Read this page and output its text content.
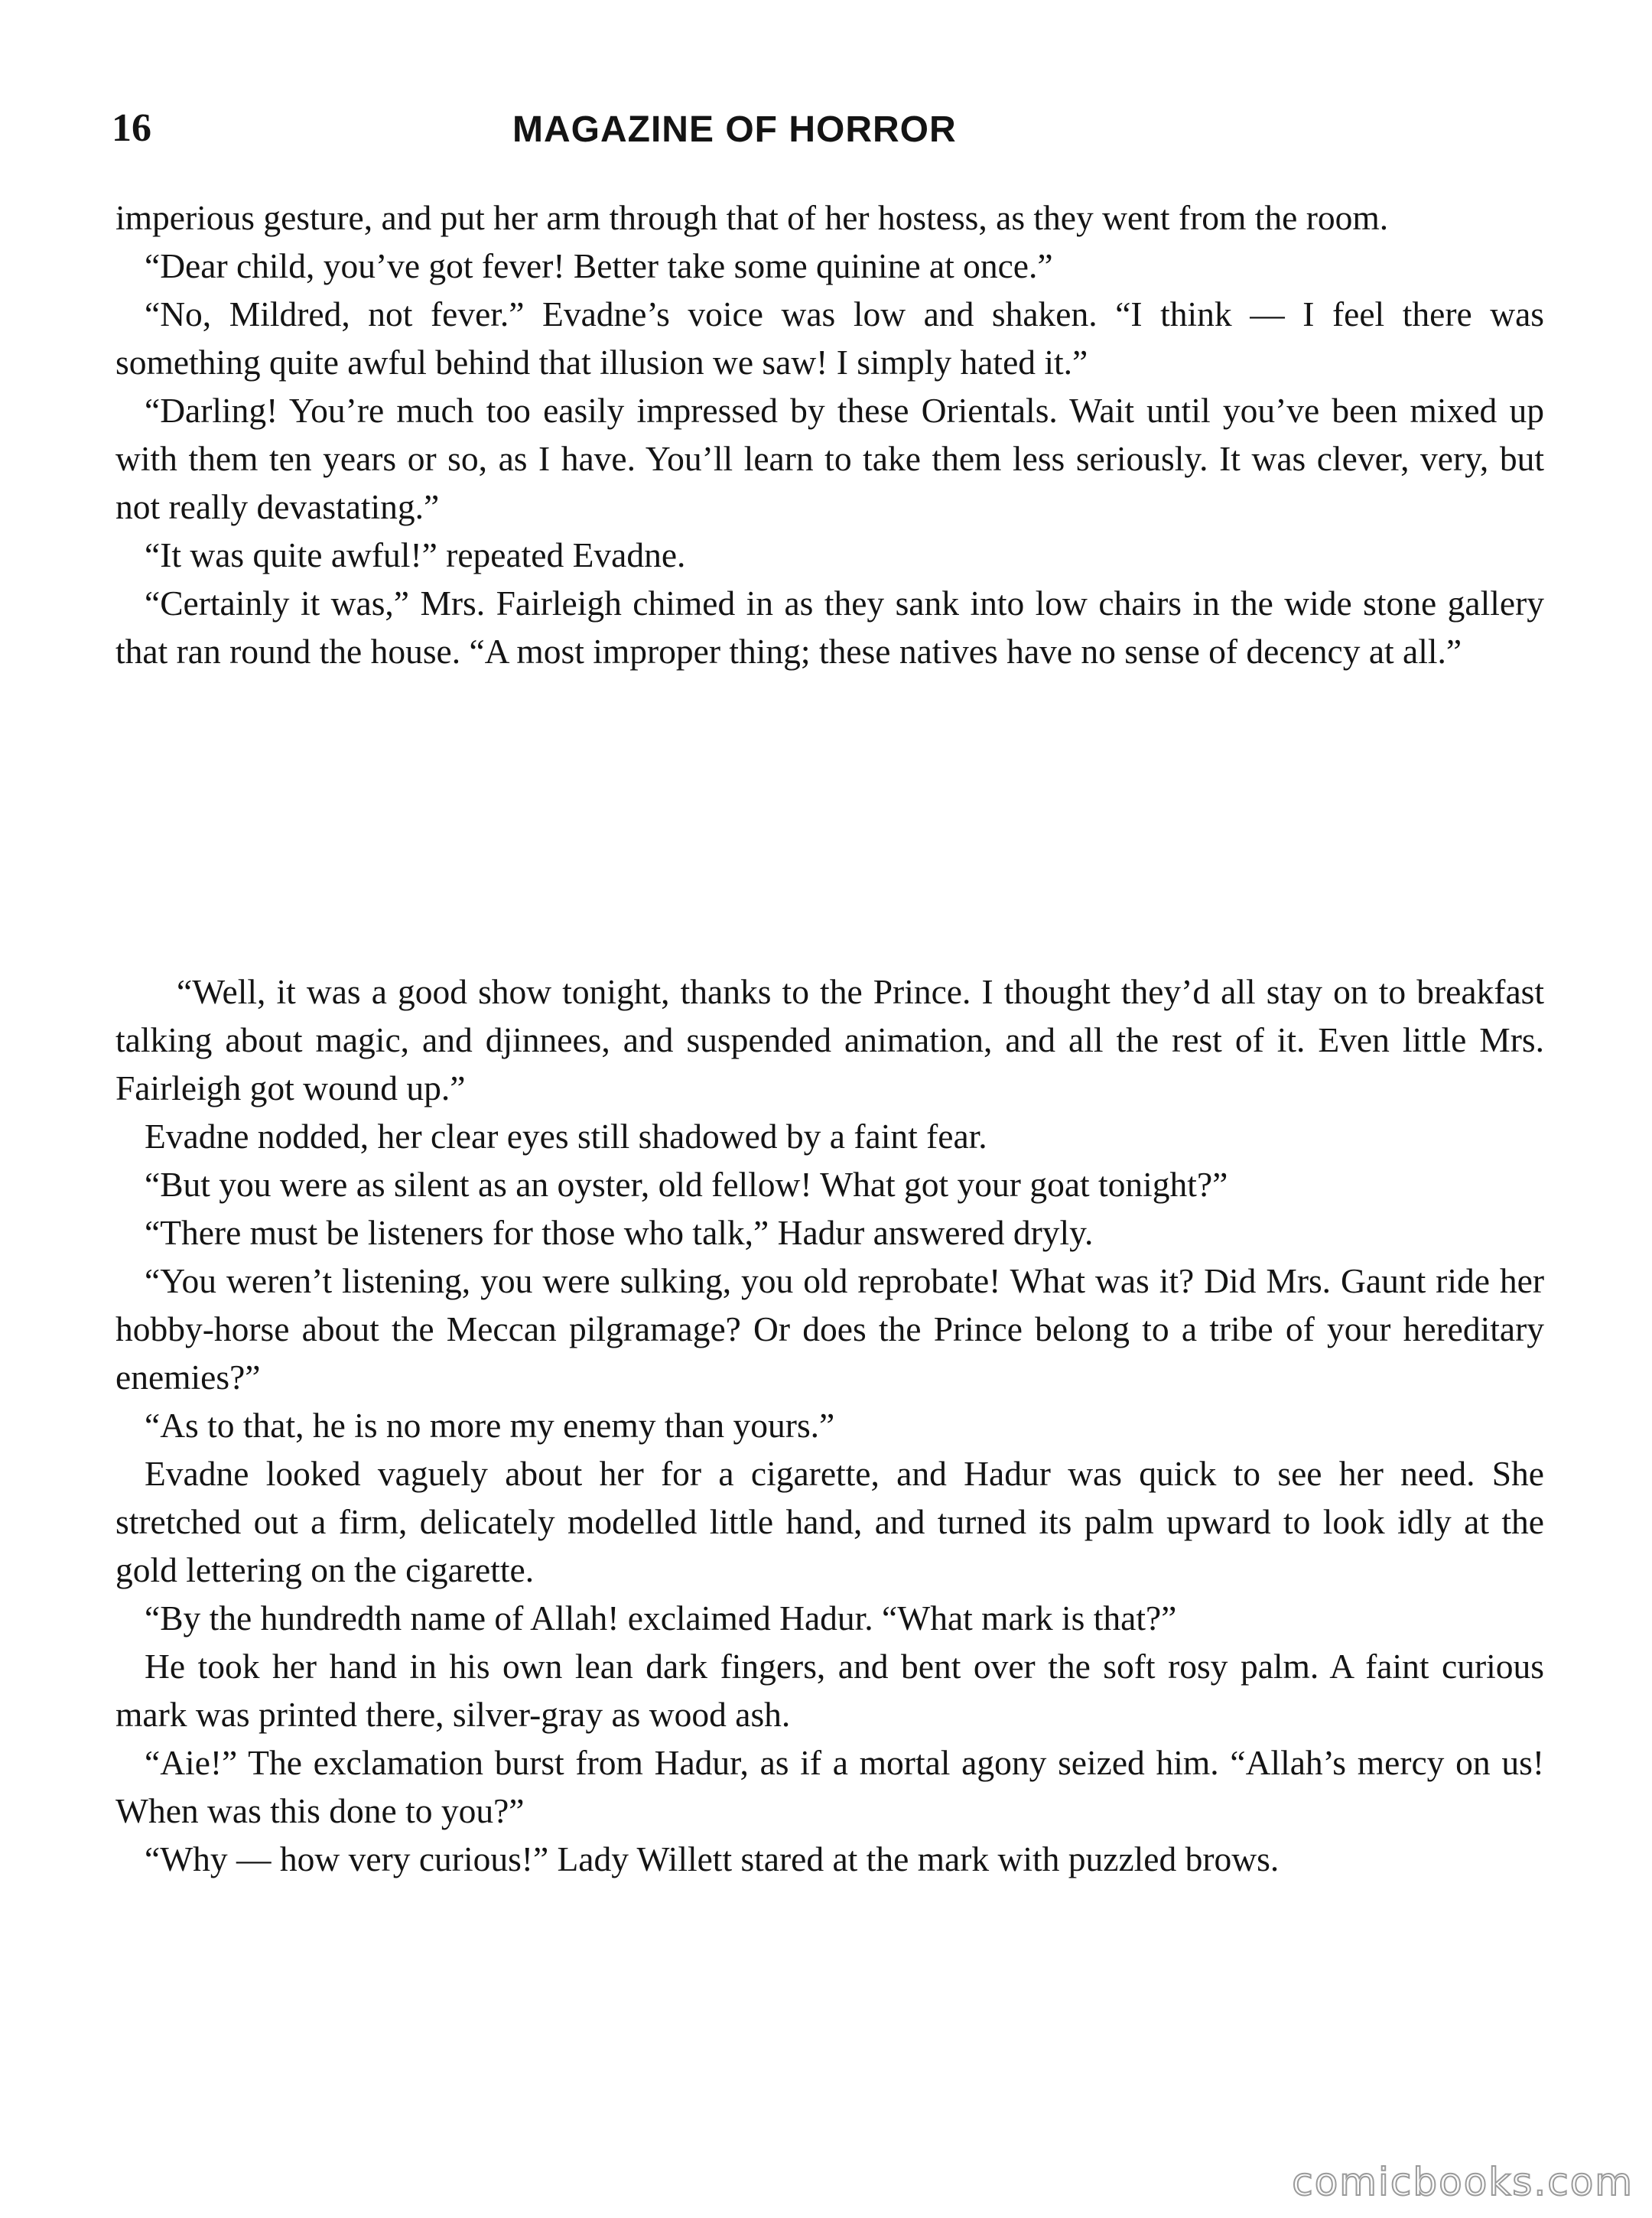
16	MAGAZINE OF HORROR

imperious gesture, and put her arm through that of her hostess, as they went from the room.

“Dear child, you’ve got fever! Better take some quinine at once.”

“No, Mildred, not fever.” Evadne’s voice was low and shaken. “I think — I feel there was something quite awful behind that illusion we saw! I simply hated it.”

“Darling! You’re much too easily impressed by these Orientals. Wait until you’ve been mixed up with them ten years or so, as I have. You’ll learn to take them less seriously. It was clever, very, but not really devastating.”

“It was quite awful!” repeated Evadne.

“Certainly it was,” Mrs. Fairleigh chimed in as they sank into low chairs in the wide stone gallery that ran round the house. “A most improper thing; these natives have no sense of decency at all.”

“Well, it was a good show tonight, thanks to the Prince. I thought they’d all stay on to breakfast talking about magic, and djinnees, and suspended animation, and all the rest of it. Even little Mrs. Fairleigh got wound up.”

Evadne nodded, her clear eyes still shadowed by a faint fear.

“But you were as silent as an oyster, old fellow! What got your goat tonight?”

“There must be listeners for those who talk,” Hadur answered dryly.

“You weren’t listening, you were sulking, you old reprobate! What was it? Did Mrs. Gaunt ride her hobby-horse about the Meccan pilgramage? Or does the Prince belong to a tribe of your hereditary enemies?”

“As to that, he is no more my enemy than yours.”

Evadne looked vaguely about her for a cigarette, and Hadur was quick to see her need. She stretched out a firm, delicately modelled little hand, and turned its palm upward to look idly at the gold lettering on the cigarette.

“By the hundredth name of Allah! exclaimed Hadur. “What mark is that?”

He took her hand in his own lean dark fingers, and bent over the soft rosy palm. A faint curious mark was printed there, silver-gray as wood ash.

“Aie!” The exclamation burst from Hadur, as if a mortal agony seized him. “Allah’s mercy on us! When was this done to you?”

“Why — how very curious!” Lady Willett stared at the mark with puzzled brows.

comicbooks.com
